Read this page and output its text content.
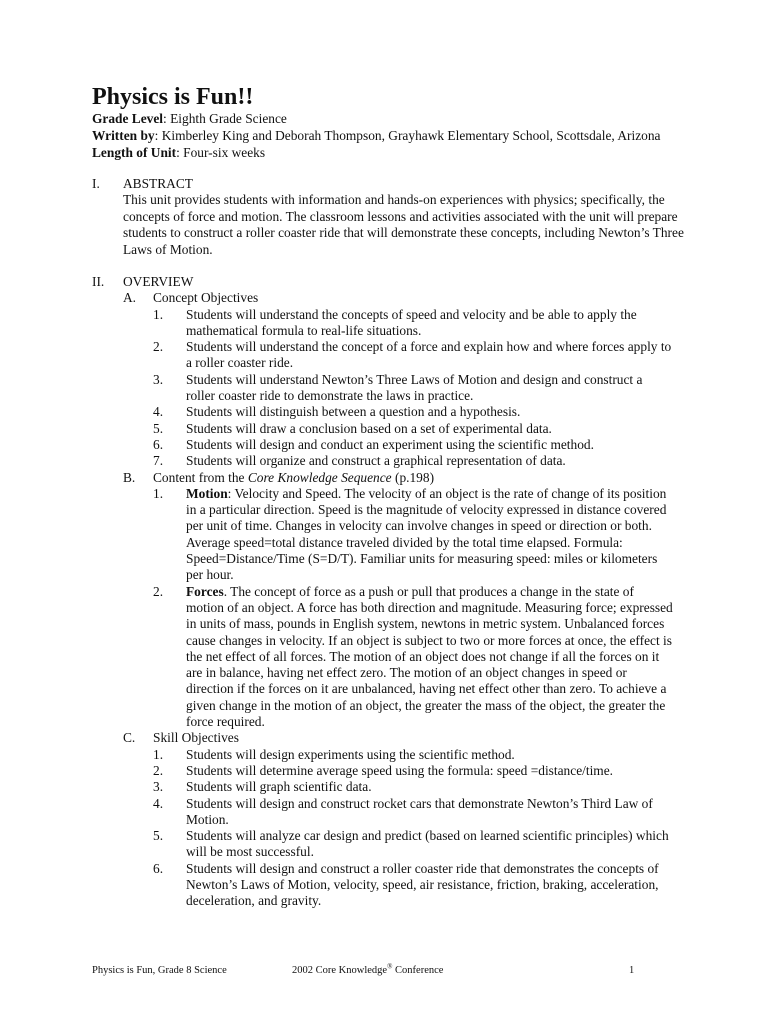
Physics is Fun!!
Grade Level: Eighth Grade Science
Written by: Kimberley King and Deborah Thompson, Grayhawk Elementary School, Scottsdale, Arizona
Length of Unit: Four-six weeks
I.	ABSTRACT

This unit provides students with information and hands-on experiences with physics; specifically, the concepts of force and motion. The classroom lessons and activities associated with the unit will prepare students to construct a roller coaster ride that will demonstrate these concepts, including Newton’s Three Laws of Motion.

II. OVERVIEW
A. Concept Objectives
1.	Students will understand the concepts of speed and velocity and be able to apply the mathematical formula to real-life situations.
2.	Students will understand the concept of a force and explain how and where forces apply to a roller coaster ride.
3.	Students will understand Newton’s Three Laws of Motion and design and construct a roller coaster ride to demonstrate the laws in practice.
4.	Students will distinguish between a question and a hypothesis.
5.	Students will draw a conclusion based on a set of experimental data.
6.	Students will design and conduct an experiment using the scientific method.
7.	Students will organize and construct a graphical representation of data.
B. Content from the Core Knowledge Sequence (p.198)
1.	Motion: Velocity and Speed. The velocity of an object is the rate of change of its position in a particular direction. Speed is the magnitude of velocity expressed in distance covered per unit of time. Changes in velocity can involve changes in speed or direction or both. Average speed=total distance traveled divided by the total time elapsed. Formula: Speed=Distance/Time (S=D/T). Familiar units for measuring speed: miles or kilometers per hour.
2.	Forces. The concept of force as a push or pull that produces a change in the state of motion of an object. A force has both direction and magnitude. Measuring force; expressed in units of mass, pounds in English system, newtons in metric system. Unbalanced forces cause changes in velocity. If an object is subject to two or more forces at once, the effect is the net effect of all forces. The motion of an object does not change if all the forces on it are in balance, having net effect zero. The motion of an object changes in speed or direction if the forces on it are unbalanced, having net effect other than zero. To achieve a given change in the motion of an object, the greater the mass of the object, the greater the force required.
C. Skill Objectives
1.	Students will design experiments using the scientific method.
2.	Students will determine average speed using the formula: speed =distance/time.
3.	Students will graph scientific data.
4.	Students will design and construct rocket cars that demonstrate Newton’s Third Law of Motion.
5.	Students will analyze car design and predict (based on learned scientific principles) which will be most successful.
6.	Students will design and construct a roller coaster ride that demonstrates the concepts of Newton’s Laws of Motion, velocity, speed, air resistance, friction, braking, acceleration, deceleration, and gravity.
Physics is Fun, Grade 8 Science	2002 Core Knowledge® Conference	1
